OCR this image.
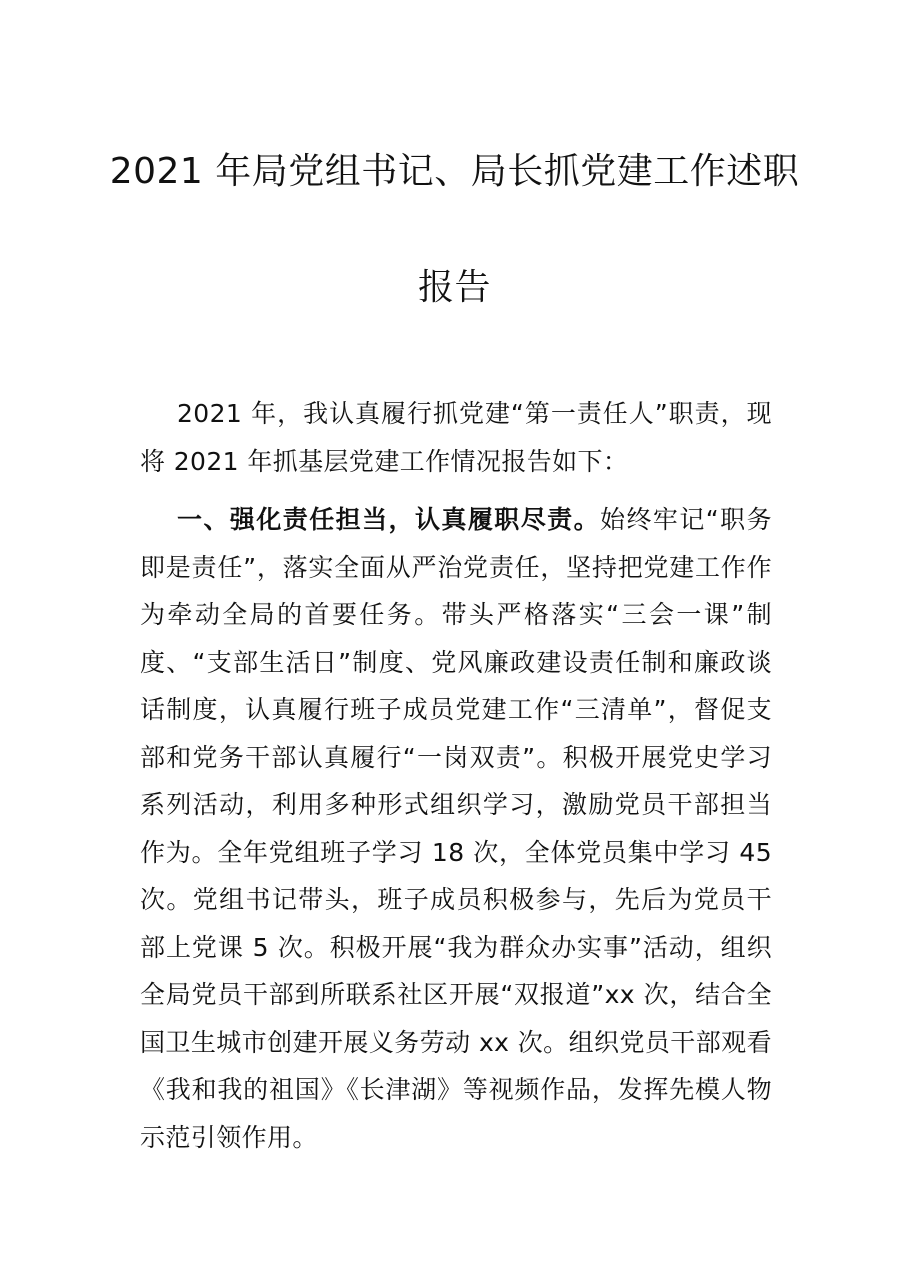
2021 年局党组书记、局长抓党建工作述职
报告

2021 年，我认真履行抓党建“第一责任人”职责，现将 2021 年抓基层党建工作情况报告如下：

一、强化责任担当，认真履职尽责。始终牢记“职务即是责任”，落实全面从严治党责任，坚持把党建工作作为牵动全局的首要任务。带头严格落实“三会一课”制度、“支部生活日”制度、党风廉政建设责任制和廉政谈话制度，认真履行班子成员党建工作“三清单”，督促支部和党务干部认真履行“一岗双责”。积极开展党史学习系列活动，利用多种形式组织学习，激励党员干部担当作为。全年党组班子学习 18 次，全体党员集中学习 45 次。党组书记带头，班子成员积极参与，先后为党员干部上党课 5 次。积极开展“我为群众办实事”活动，组织全局党员干部到所联系社区开展“双报道”xx 次，结合全国卫生城市创建开展义务劳动 xx 次。组织党员干部观看《我和我的祖国》《长津湖》等视频作品，发挥先模人物示范引领作用。
